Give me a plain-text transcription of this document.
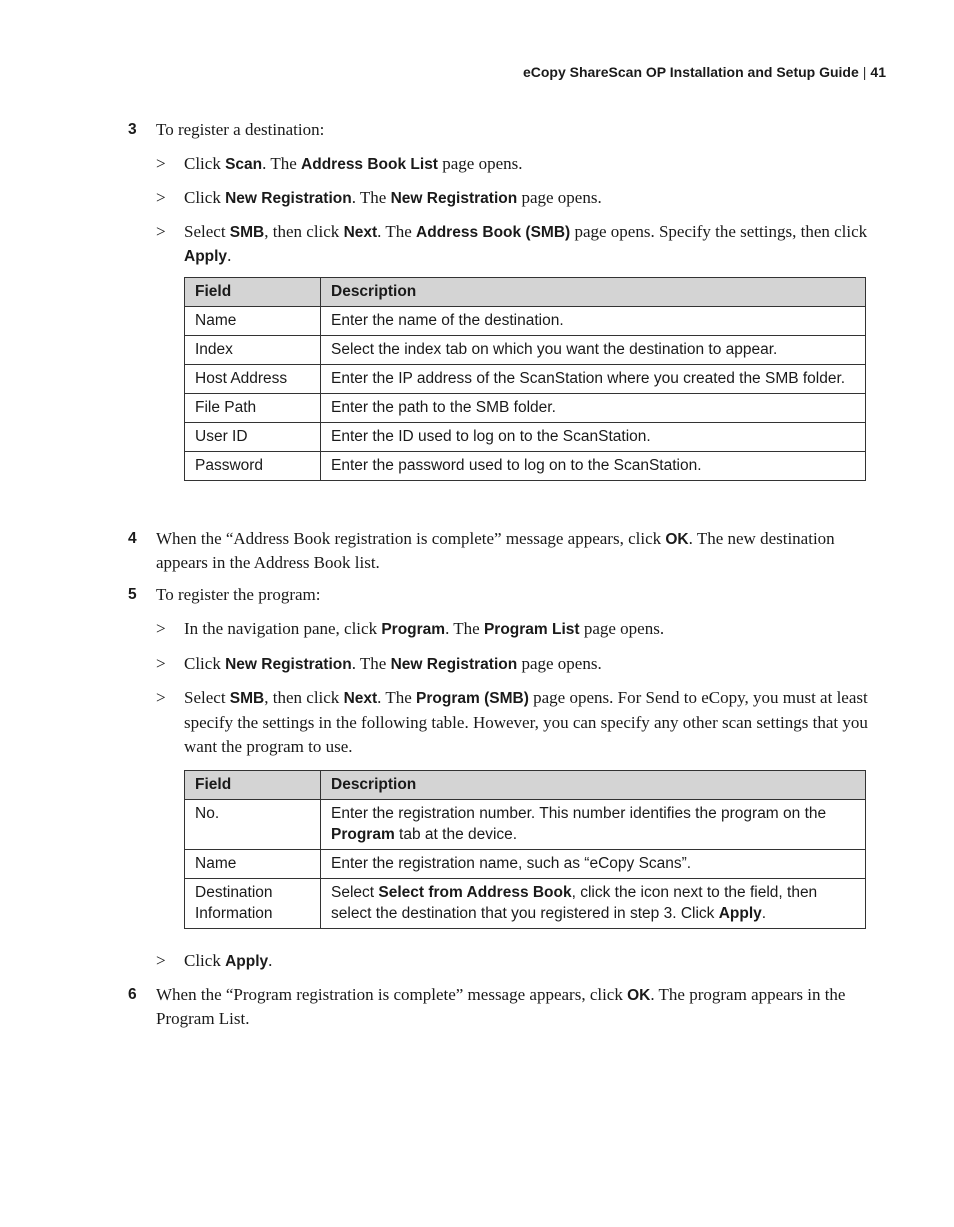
eCopy ShareScan OP Installation and Setup Guide | 41
3 To register a destination:
> Click Scan. The Address Book List page opens.
> Click New Registration. The New Registration page opens.
> Select SMB, then click Next. The Address Book (SMB) page opens. Specify the settings, then click Apply.
Field	Description
Name	Enter the name of the destination.
Index	Select the index tab on which you want the destination to appear.
Host Address	Enter the IP address of the ScanStation where you created the SMB folder.
File Path	Enter the path to the SMB folder.
User ID	Enter the ID used to log on to the ScanStation.
Password	Enter the password used to log on to the ScanStation.
4 When the “Address Book registration is complete” message appears, click OK. The new destination appears in the Address Book list.
5 To register the program:
> In the navigation pane, click Program. The Program List page opens.
> Click New Registration. The New Registration page opens.
> Select SMB, then click Next. The Program (SMB) page opens. For Send to eCopy, you must at least specify the settings in the following table. However, you can specify any other scan settings that you want the program to use.
Field	Description
No.	Enter the registration number. This number identifies the program on the Program tab at the device.
Name	Enter the registration name, such as “eCopy Scans”.
Destination Information	Select Select from Address Book, click the icon next to the field, then select the destination that you registered in step 3. Click Apply.
> Click Apply.
6 When the “Program registration is complete” message appears, click OK. The program appears in the Program List.
